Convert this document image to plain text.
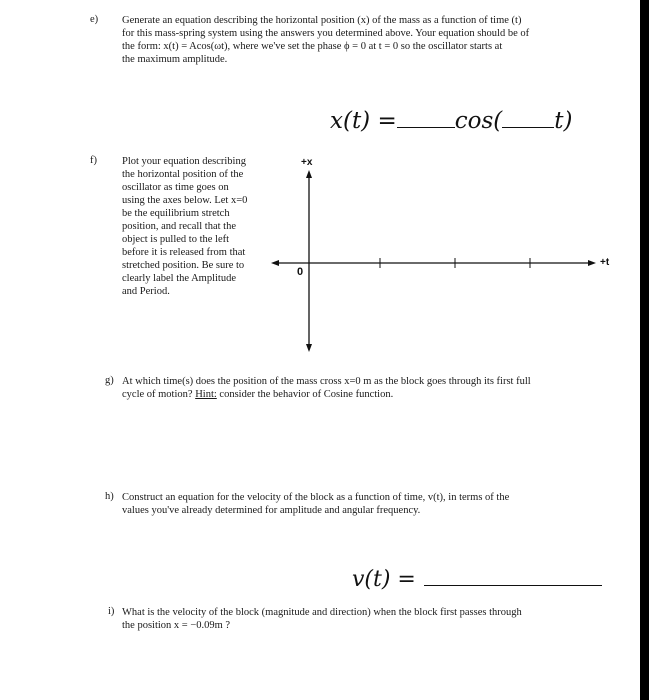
e) Generate an equation describing the horizontal position (x) of the mass as a function of time (t)
for this mass-spring system using the answers you determined above. Your equation should be of
the form: x(t) = Acos(ωt), where we've set the phase ϕ = 0 at t = 0 so the oscillator starts at
the maximum amplitude.
x(t) =	cos( t)
f) Plot your equation describing
the horizontal position of the
oscillator as time goes on
using the axes below. Let x=0
be the equilibrium stretch
position, and recall that the
object is pulled to the left
before it is released from that
stretched position. Be sure to
clearly label the Amplitude
and Period.
+x
+t
0
g) At which time(s) does the position of the mass cross x=0 m as the block goes through its first full
cycle of motion? Hint: consider the behavior of Cosine function.
h) Construct an equation for the velocity of the block as a function of time, v(t), in terms of the
values you've already determined for amplitude and angular frequency.
v(t) =
i) What is the velocity of the block (magnitude and direction) when the block first passes through
the position x = −0.09m ?
